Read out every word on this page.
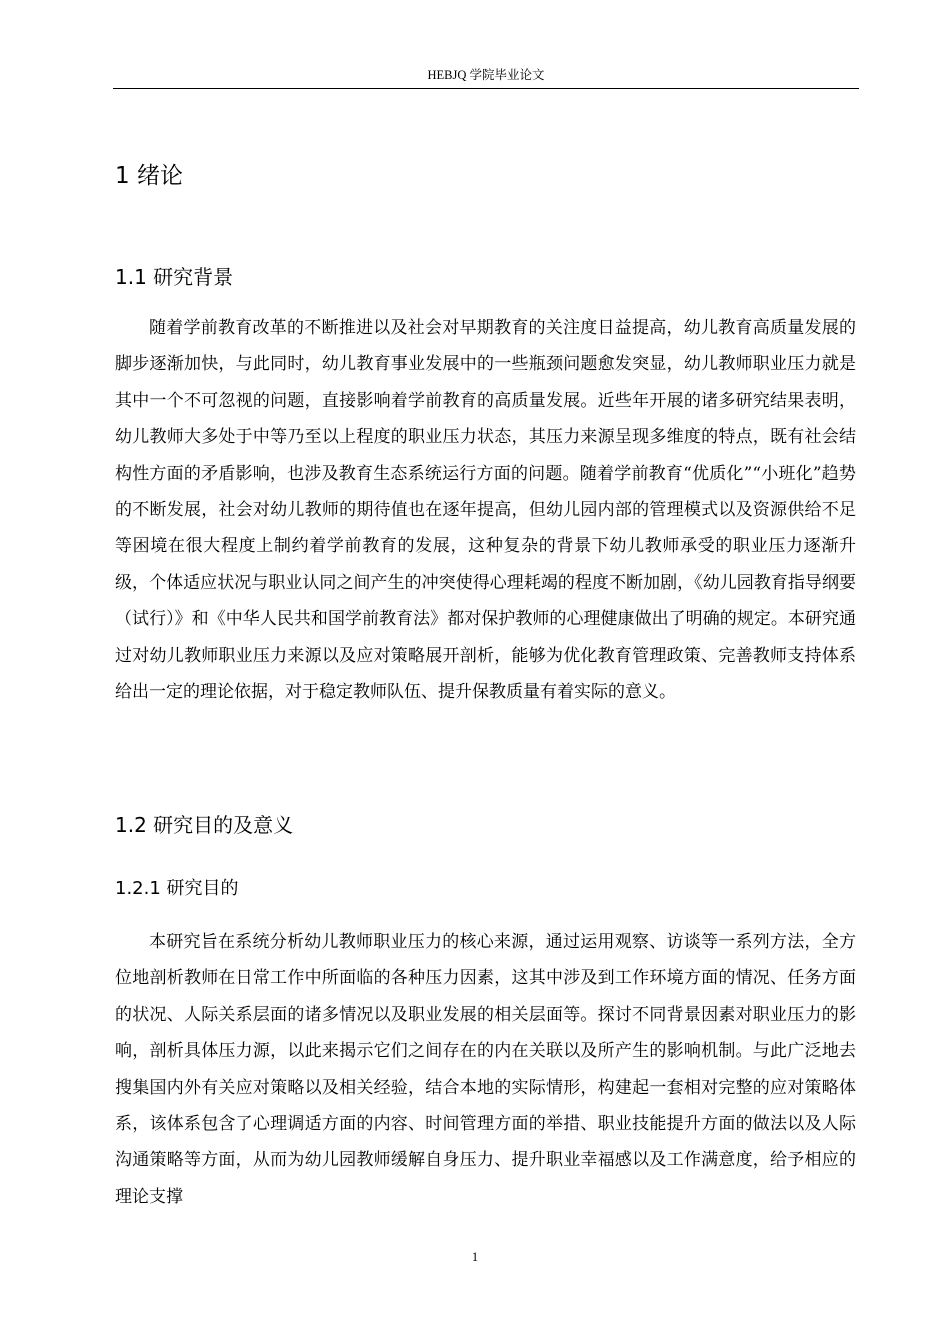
HEBJQ 学院毕业论文
1 绪论
1.1 研究背景

随着学前教育改革的不断推进以及社会对早期教育的关注度日益提高，幼儿教育高质量发展的脚步逐渐加快，与此同时，幼儿教育事业发展中的一些瓶颈问题愈发突显，幼儿教师职业压力就是其中一个不可忽视的问题，直接影响着学前教育的高质量发展。近些年开展的诸多研究结果表明，幼儿教师大多处于中等乃至以上程度的职业压力状态，其压力来源呈现多维度的特点，既有社会结构性方面的矛盾影响，也涉及教育生态系统运行方面的问题。随着学前教育“优质化”“小班化”趋势的不断发展，社会对幼儿教师的期待值也在逐年提高，但幼儿园内部的管理模式以及资源供给不足等困境在很大程度上制约着学前教育的发展，这种复杂的背景下幼儿教师承受的职业压力逐渐升级，个体适应状况与职业认同之间产生的冲突使得心理耗竭的程度不断加剧，《幼儿园教育指导纲要（试行）》和《中华人民共和国学前教育法》都对保护教师的心理健康做出了明确的规定。本研究通过对幼儿教师职业压力来源以及应对策略展开剖析，能够为优化教育管理政策、完善教师支持体系给出一定的理论依据，对于稳定教师队伍、提升保教质量有着实际的意义。

1.2 研究目的及意义
1.2.1 研究目的

本研究旨在系统分析幼儿教师职业压力的核心来源，通过运用观察、访谈等一系列方法，全方位地剖析教师在日常工作中所面临的各种压力因素，这其中涉及到工作环境方面的情况、任务方面的状况、人际关系层面的诸多情况以及职业发展的相关层面等。探讨不同背景因素对职业压力的影响，剖析具体压力源，以此来揭示它们之间存在的内在关联以及所产生的影响机制。与此广泛地去搜集国内外有关应对策略以及相关经验，结合本地的实际情形，构建起一套相对完整的应对策略体系，该体系包含了心理调适方面的内容、时间管理方面的举措、职业技能提升方面的做法以及人际沟通策略等方面，从而为幼儿园教师缓解自身压力、提升职业幸福感以及工作满意度，给予相应的理论支撑

1
